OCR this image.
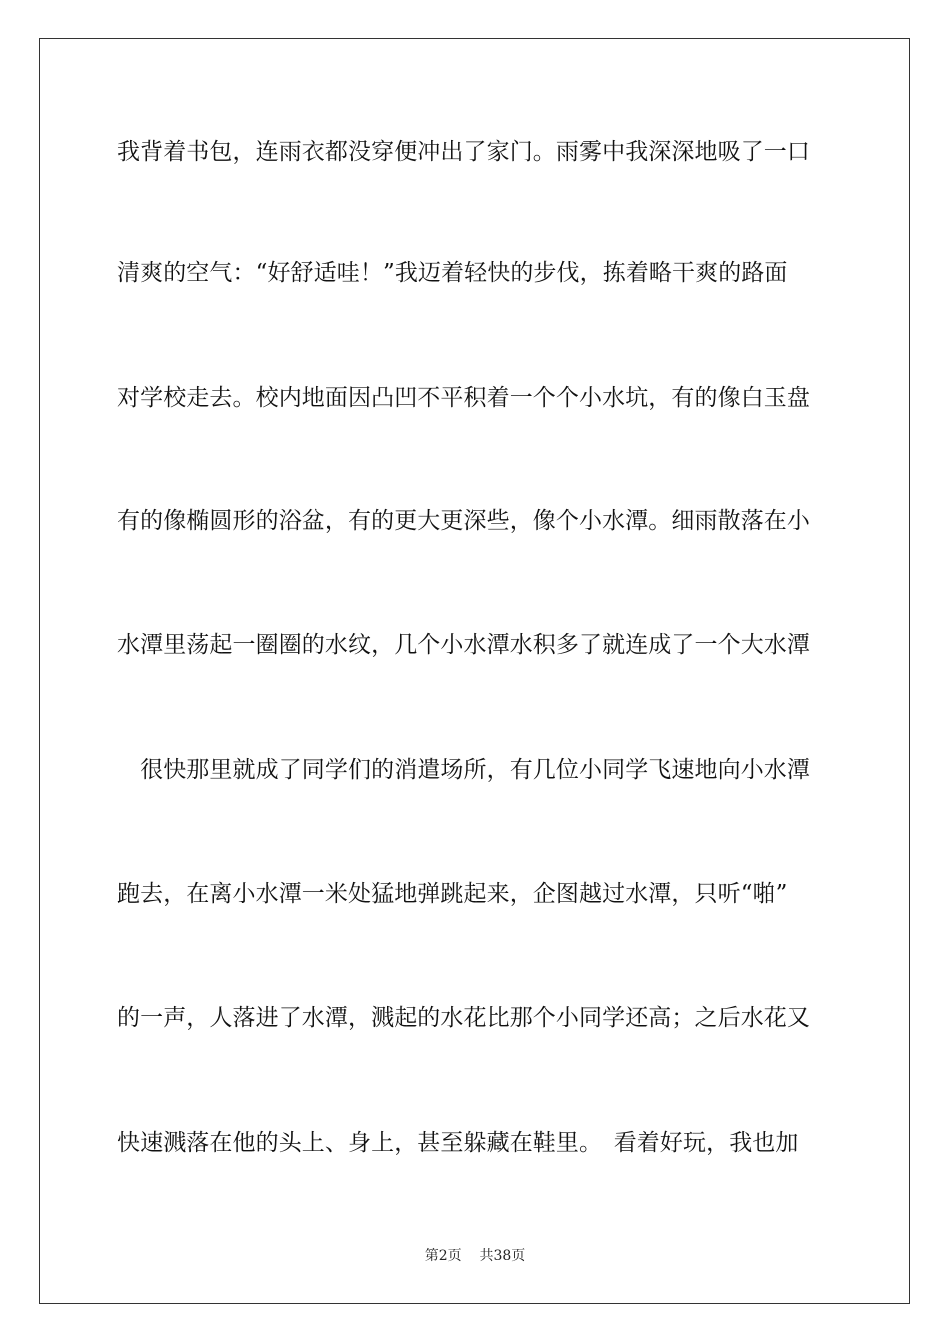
我背着书包，连雨衣都没穿便冲出了家门。雨雾中我深深地吸了一口
清爽的空气：“好舒适哇！”我迈着轻快的步伐，拣着略干爽的路面
对学校走去。校内地面因凸凹不平积着一个个小水坑，有的像白玉盘
有的像椭圆形的浴盆，有的更大更深些，像个小水潭。细雨散落在小
水潭里荡起一圈圈的水纹，几个小水潭水积多了就连成了一个大水潭
　很快那里就成了同学们的消遣场所，有几位小同学飞速地向小水潭
跑去，在离小水潭一米处猛地弹跳起来，企图越过水潭，只听“啪”
的一声，人落进了水潭，溅起的水花比那个小同学还高；之后水花又
快速溅落在他的头上、身上，甚至躲藏在鞋里。　看着好玩，我也加
第2页 共38页
